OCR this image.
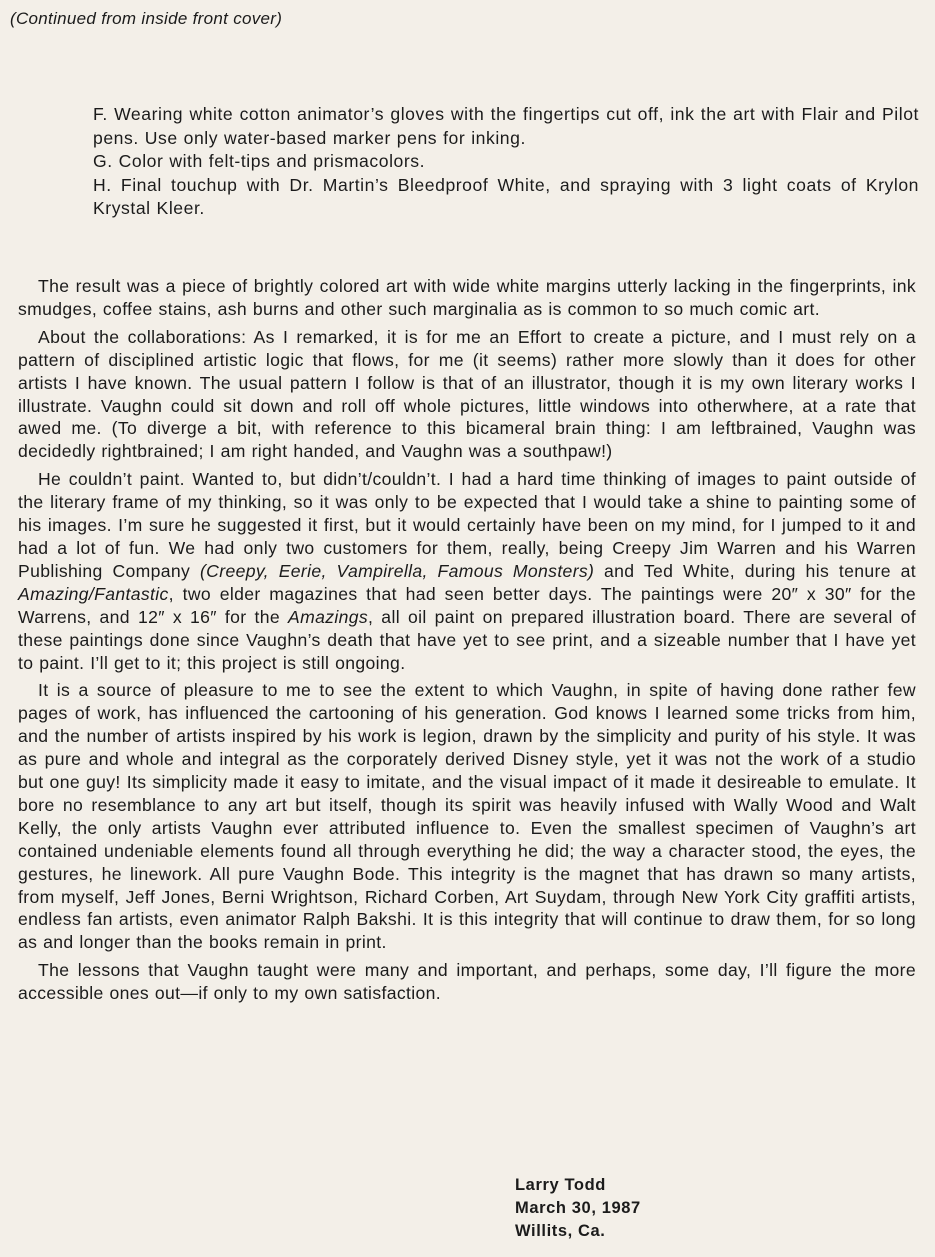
(Continued from inside front cover)

F. Wearing white cotton animator’s gloves with the fingertips cut off, ink the art with Flair and Pilot pens. Use only water-based marker pens for inking.

G. Color with felt-tips and prismacolors.

H. Final touchup with Dr. Martin’s Bleedproof White, and spraying with 3 light coats of Krylon Krystal Kleer.

The result was a piece of brightly colored art with wide white margins utterly lacking in the fingerprints, ink smudges, coffee stains, ash burns and other such marginalia as is common to so much comic art.

About the collaborations: As I remarked, it is for me an Effort to create a picture, and I must rely on a pattern of disciplined artistic logic that flows, for me (it seems) rather more slowly than it does for other artists I have known. The usual pattern I follow is that of an illustrator, though it is my own literary works I illustrate. Vaughn could sit down and roll off whole pictures, little windows into otherwhere, at a rate that awed me. (To diverge a bit, with reference to this bicameral brain thing: I am leftbrained, Vaughn was decidedly rightbrained; I am right handed, and Vaughn was a southpaw!)

He couldn’t paint. Wanted to, but didn’t/couldn’t. I had a hard time thinking of images to paint outside of the literary frame of my thinking, so it was only to be expected that I would take a shine to painting some of his images. I’m sure he suggested it first, but it would certainly have been on my mind, for I jumped to it and had a lot of fun. We had only two customers for them, really, being Creepy Jim Warren and his Warren Publishing Company (Creepy, Eerie, Vampirella, Famous Monsters) and Ted White, during his tenure at Amazing/Fantastic, two elder magazines that had seen better days. The paintings were 20″ x 30″ for the Warrens, and 12″ x 16″ for the Amazings, all oil paint on prepared illustration board. There are several of these paintings done since Vaughn’s death that have yet to see print, and a sizeable number that I have yet to paint. I’ll get to it; this project is still ongoing.

It is a source of pleasure to me to see the extent to which Vaughn, in spite of having done rather few pages of work, has influenced the cartooning of his generation. God knows I learned some tricks from him, and the number of artists inspired by his work is legion, drawn by the simplicity and purity of his style. It was as pure and whole and integral as the corporately derived Disney style, yet it was not the work of a studio but one guy! Its simplicity made it easy to imitate, and the visual impact of it made it desireable to emulate. It bore no resemblance to any art but itself, though its spirit was heavily infused with Wally Wood and Walt Kelly, the only artists Vaughn ever attributed influence to. Even the smallest specimen of Vaughn’s art contained undeniable elements found all through everything he did; the way a character stood, the eyes, the gestures, he linework. All pure Vaughn Bode. This integrity is the magnet that has drawn so many artists, from myself, Jeff Jones, Berni Wrightson, Richard Corben, Art Suydam, through New York City graffiti artists, endless fan artists, even animator Ralph Bakshi. It is this integrity that will continue to draw them, for so long as and longer than the books remain in print.

The lessons that Vaughn taught were many and important, and perhaps, some day, I’ll figure the more accessible ones out—if only to my own satisfaction.

Larry Todd
March 30, 1987
Willits, Ca.
